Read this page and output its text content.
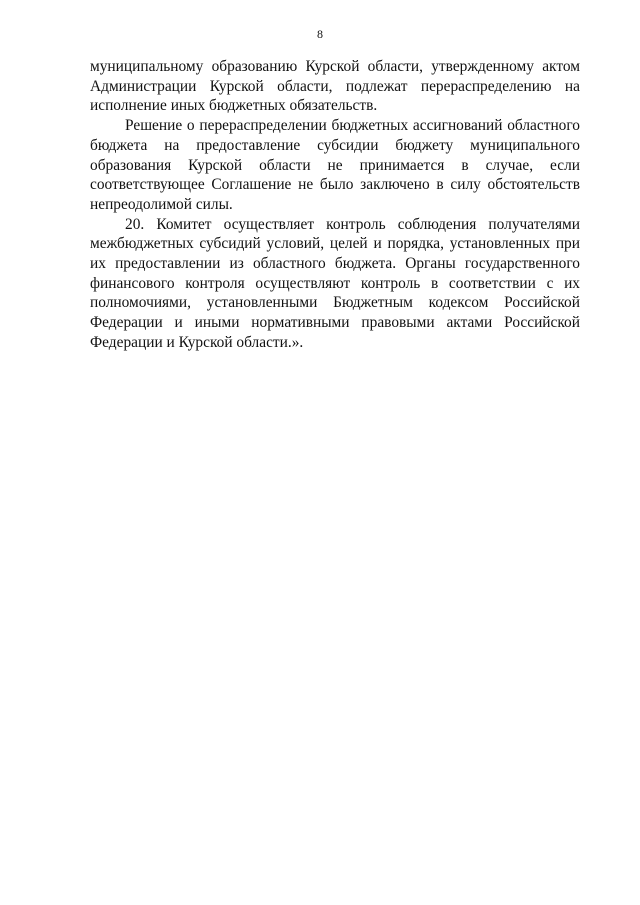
8

муниципальному образованию Курской области, утвержденному актом Администрации Курской области, подлежат перераспределению на исполнение иных бюджетных обязательств.

Решение о перераспределении бюджетных ассигнований областного бюджета на предоставление субсидии бюджету муниципального образования Курской области не принимается в случае, если соответствующее Соглашение не было заключено в силу обстоятельств непреодолимой силы.

20. Комитет осуществляет контроль соблюдения получателями межбюджетных субсидий условий, целей и порядка, установленных при их предоставлении из областного бюджета. Органы государственного финансового контроля осуществляют контроль в соответствии с их полномочиями, установленными Бюджетным кодексом Российской Федерации и иными нормативными правовыми актами Российской Федерации и Курской области.».
